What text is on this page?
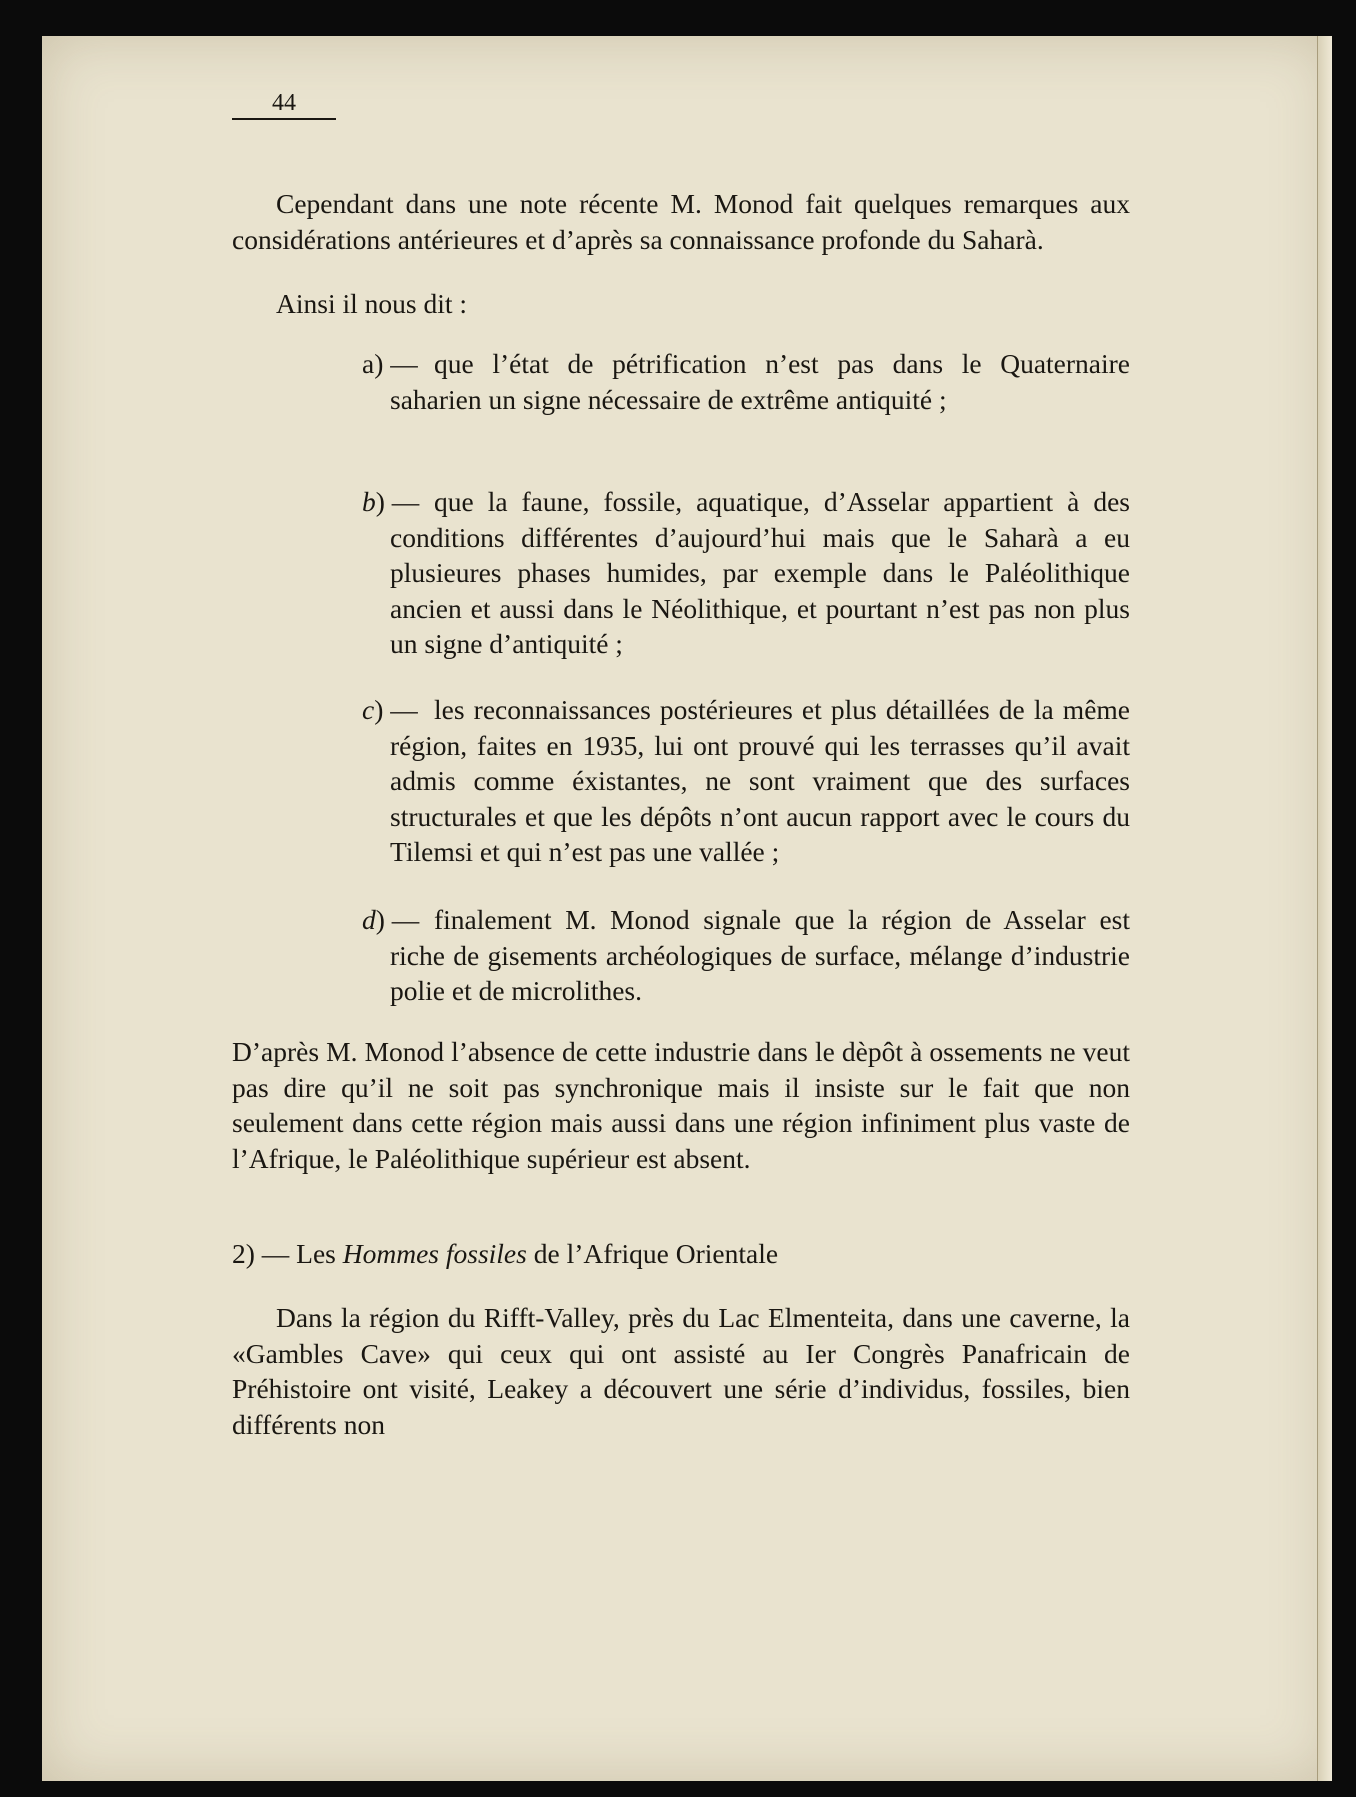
44

Cependant dans une note récente M. Monod fait quelques remarques aux considérations antérieures et d’après sa connaissance profonde du Saharà.

Ainsi il nous dit :

a) — que l’état de pétrification n’est pas dans le Quaternaire saharien un signe nécessaire de extrême antiquité ;

b) — que la faune, fossile, aquatique, d’Asselar appartient à des conditions différentes d’aujourd’hui mais que le Saharà a eu plusieures phases humides, par exemple dans le Paléolithique ancien et aussi dans le Néolithique, et pourtant n’est pas non plus un signe d’antiquité ;

c) — les reconnaissances postérieures et plus détaillées de la même région, faites en 1935, lui ont prouvé qui les terrasses qu’il avait admis comme éxistantes, ne sont vraiment que des surfaces structurales et que les dépôts n’ont aucun rapport avec le cours du Tilemsi et qui n’est pas une vallée ;

d) — finalement M. Monod signale que la région de Asselar est riche de gisements archéologiques de surface, mélange d’industrie polie et de microlithes.

D’après M. Monod l’absence de cette industrie dans le dèpôt à ossements ne veut pas dire qu’il ne soit pas synchronique mais il insiste sur le fait que non seulement dans cette région mais aussi dans une région infiniment plus vaste de l’Afrique, le Paléolithique supérieur est absent.

2) — Les Hommes fossiles de l’Afrique Orientale

Dans la région du Rifft-Valley, près du Lac Elmenteita, dans une caverne, la «Gambles Cave» qui ceux qui ont assisté au Ier Congrès Panafricain de Préhistoire ont visité, Leakey a découvert une série d’individus, fossiles, bien différents non
